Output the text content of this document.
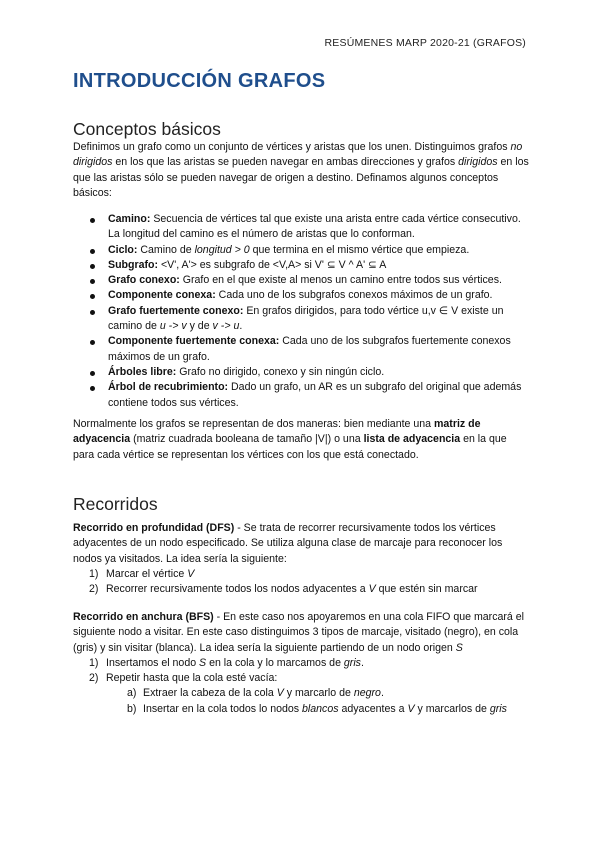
RESÚMENES MARP 2020-21 (GRAFOS)
INTRODUCCIÓN GRAFOS
Conceptos básicos

Definimos un grafo como un conjunto de vértices y aristas que los unen. Distinguimos grafos no dirigidos en los que las aristas se pueden navegar en ambas direcciones y grafos dirigidos en los que las aristas sólo se pueden navegar de origen a destino. Definamos algunos conceptos básicos:

Camino: Secuencia de vértices tal que existe una arista entre cada vértice consecutivo. La longitud del camino es el número de aristas que lo conforman.
Ciclo: Camino de longitud > 0 que termina en el mismo vértice que empieza.
Subgrafo: <V', A'> es subgrafo de <V,A> si V' ⊆ V ^ A' ⊆ A
Grafo conexo: Grafo en el que existe al menos un camino entre todos sus vértices.
Componente conexa: Cada uno de los subgrafos conexos máximos de un grafo.
Grafo fuertemente conexo: En grafos dirigidos, para todo vértice u,v ∈ V existe un camino de u -> v y de v -> u.
Componente fuertemente conexa: Cada uno de los subgrafos fuertemente conexos máximos de un grafo.
Árboles libre: Grafo no dirigido, conexo y sin ningún ciclo.
Árbol de recubrimiento: Dado un grafo, un AR es un subgrafo del original que además contiene todos sus vértices.

Normalmente los grafos se representan de dos maneras: bien mediante una matriz de adyacencia (matriz cuadrada booleana de tamaño |V|) o una lista de adyacencia en la que para cada vértice se representan los vértices con los que está conectado.

Recorridos

Recorrido en profundidad (DFS) - Se trata de recorrer recursivamente todos los vértices adyacentes de un nodo especificado. Se utiliza alguna clase de marcaje para reconocer los nodos ya visitados. La idea sería la siguiente:

1) Marcar el vértice V
2) Recorrer recursivamente todos los nodos adyacentes a V que estén sin marcar

Recorrido en anchura (BFS) - En este caso nos apoyaremos en una cola FIFO que marcará el siguiente nodo a visitar. En este caso distinguimos 3 tipos de marcaje, visitado (negro), en cola (gris) y sin visitar (blanca). La idea sería la siguiente partiendo de un nodo origen S

1) Insertamos el nodo S en la cola y lo marcamos de gris.
2) Repetir hasta que la cola esté vacía:
a) Extraer la cabeza de la cola V y marcarlo de negro.
b) Insertar en la cola todos lo nodos blancos adyacentes a V y marcarlos de gris
